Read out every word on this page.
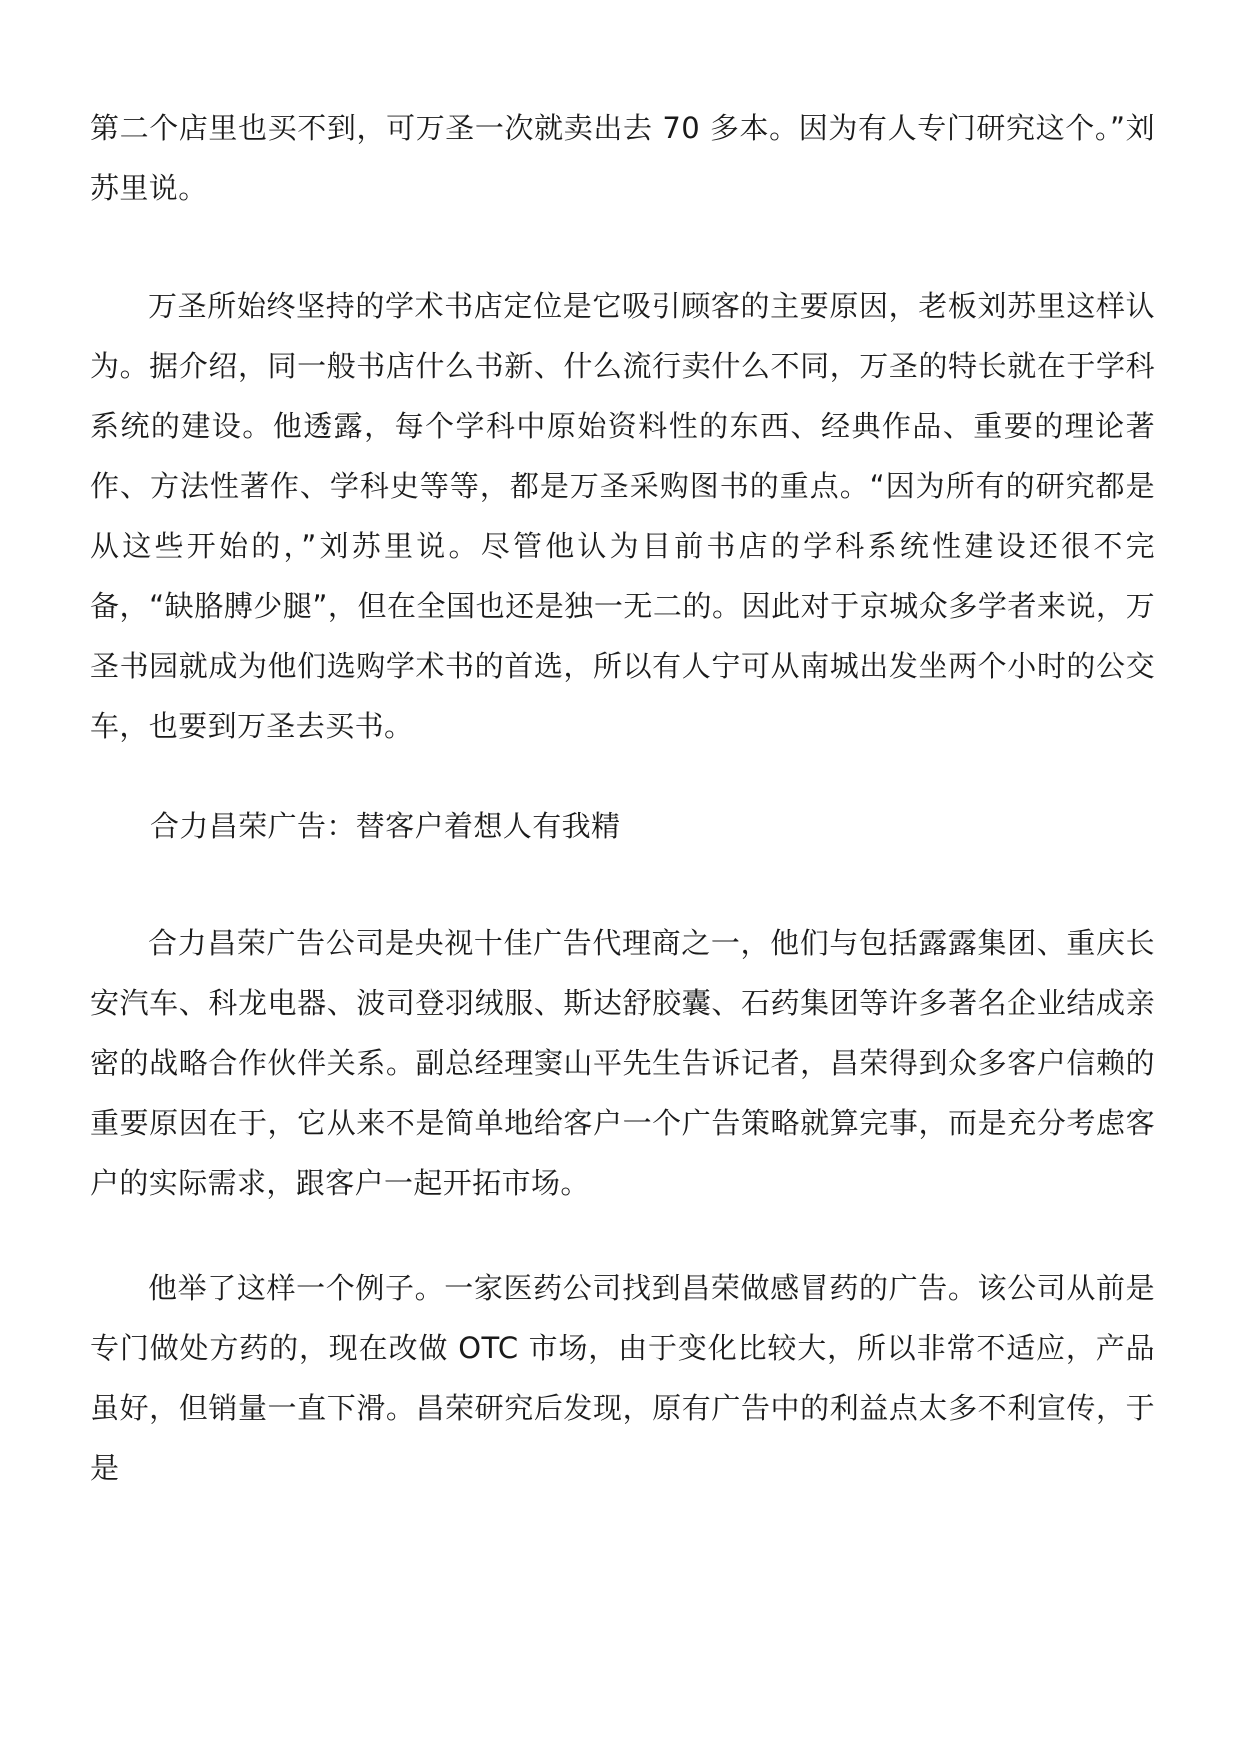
第二个店里也买不到，可万圣一次就卖出去 70 多本。因为有人专门研究这个。”刘苏里说。

万圣所始终坚持的学术书店定位是它吸引顾客的主要原因，老板刘苏里这样认为。据介绍，同一般书店什么书新、什么流行卖什么不同，万圣的特长就在于学科系统的建设。他透露，每个学科中原始资料性的东西、经典作品、重要的理论著作、方法性著作、学科史等等，都是万圣采购图书的重点。“因为所有的研究都是从这些开始的，”刘苏里说。尽管他认为目前书店的学科系统性建设还很不完备，“缺胳膊少腿”，但在全国也还是独一无二的。因此对于京城众多学者来说，万圣书园就成为他们选购学术书的首选，所以有人宁可从南城出发坐两个小时的公交车，也要到万圣去买书。

合力昌荣广告：替客户着想人有我精

合力昌荣广告公司是央视十佳广告代理商之一，他们与包括露露集团、重庆长安汽车、科龙电器、波司登羽绒服、斯达舒胶囊、石药集团等许多著名企业结成亲密的战略合作伙伴关系。副总经理窦山平先生告诉记者，昌荣得到众多客户信赖的重要原因在于，它从来不是简单地给客户一个广告策略就算完事，而是充分考虑客户的实际需求，跟客户一起开拓市场。

他举了这样一个例子。一家医药公司找到昌荣做感冒药的广告。该公司从前是专门做处方药的，现在改做 OTC 市场，由于变化比较大，所以非常不适应，产品虽好，但销量一直下滑。昌荣研究后发现，原有广告中的利益点太多不利宣传，于是
